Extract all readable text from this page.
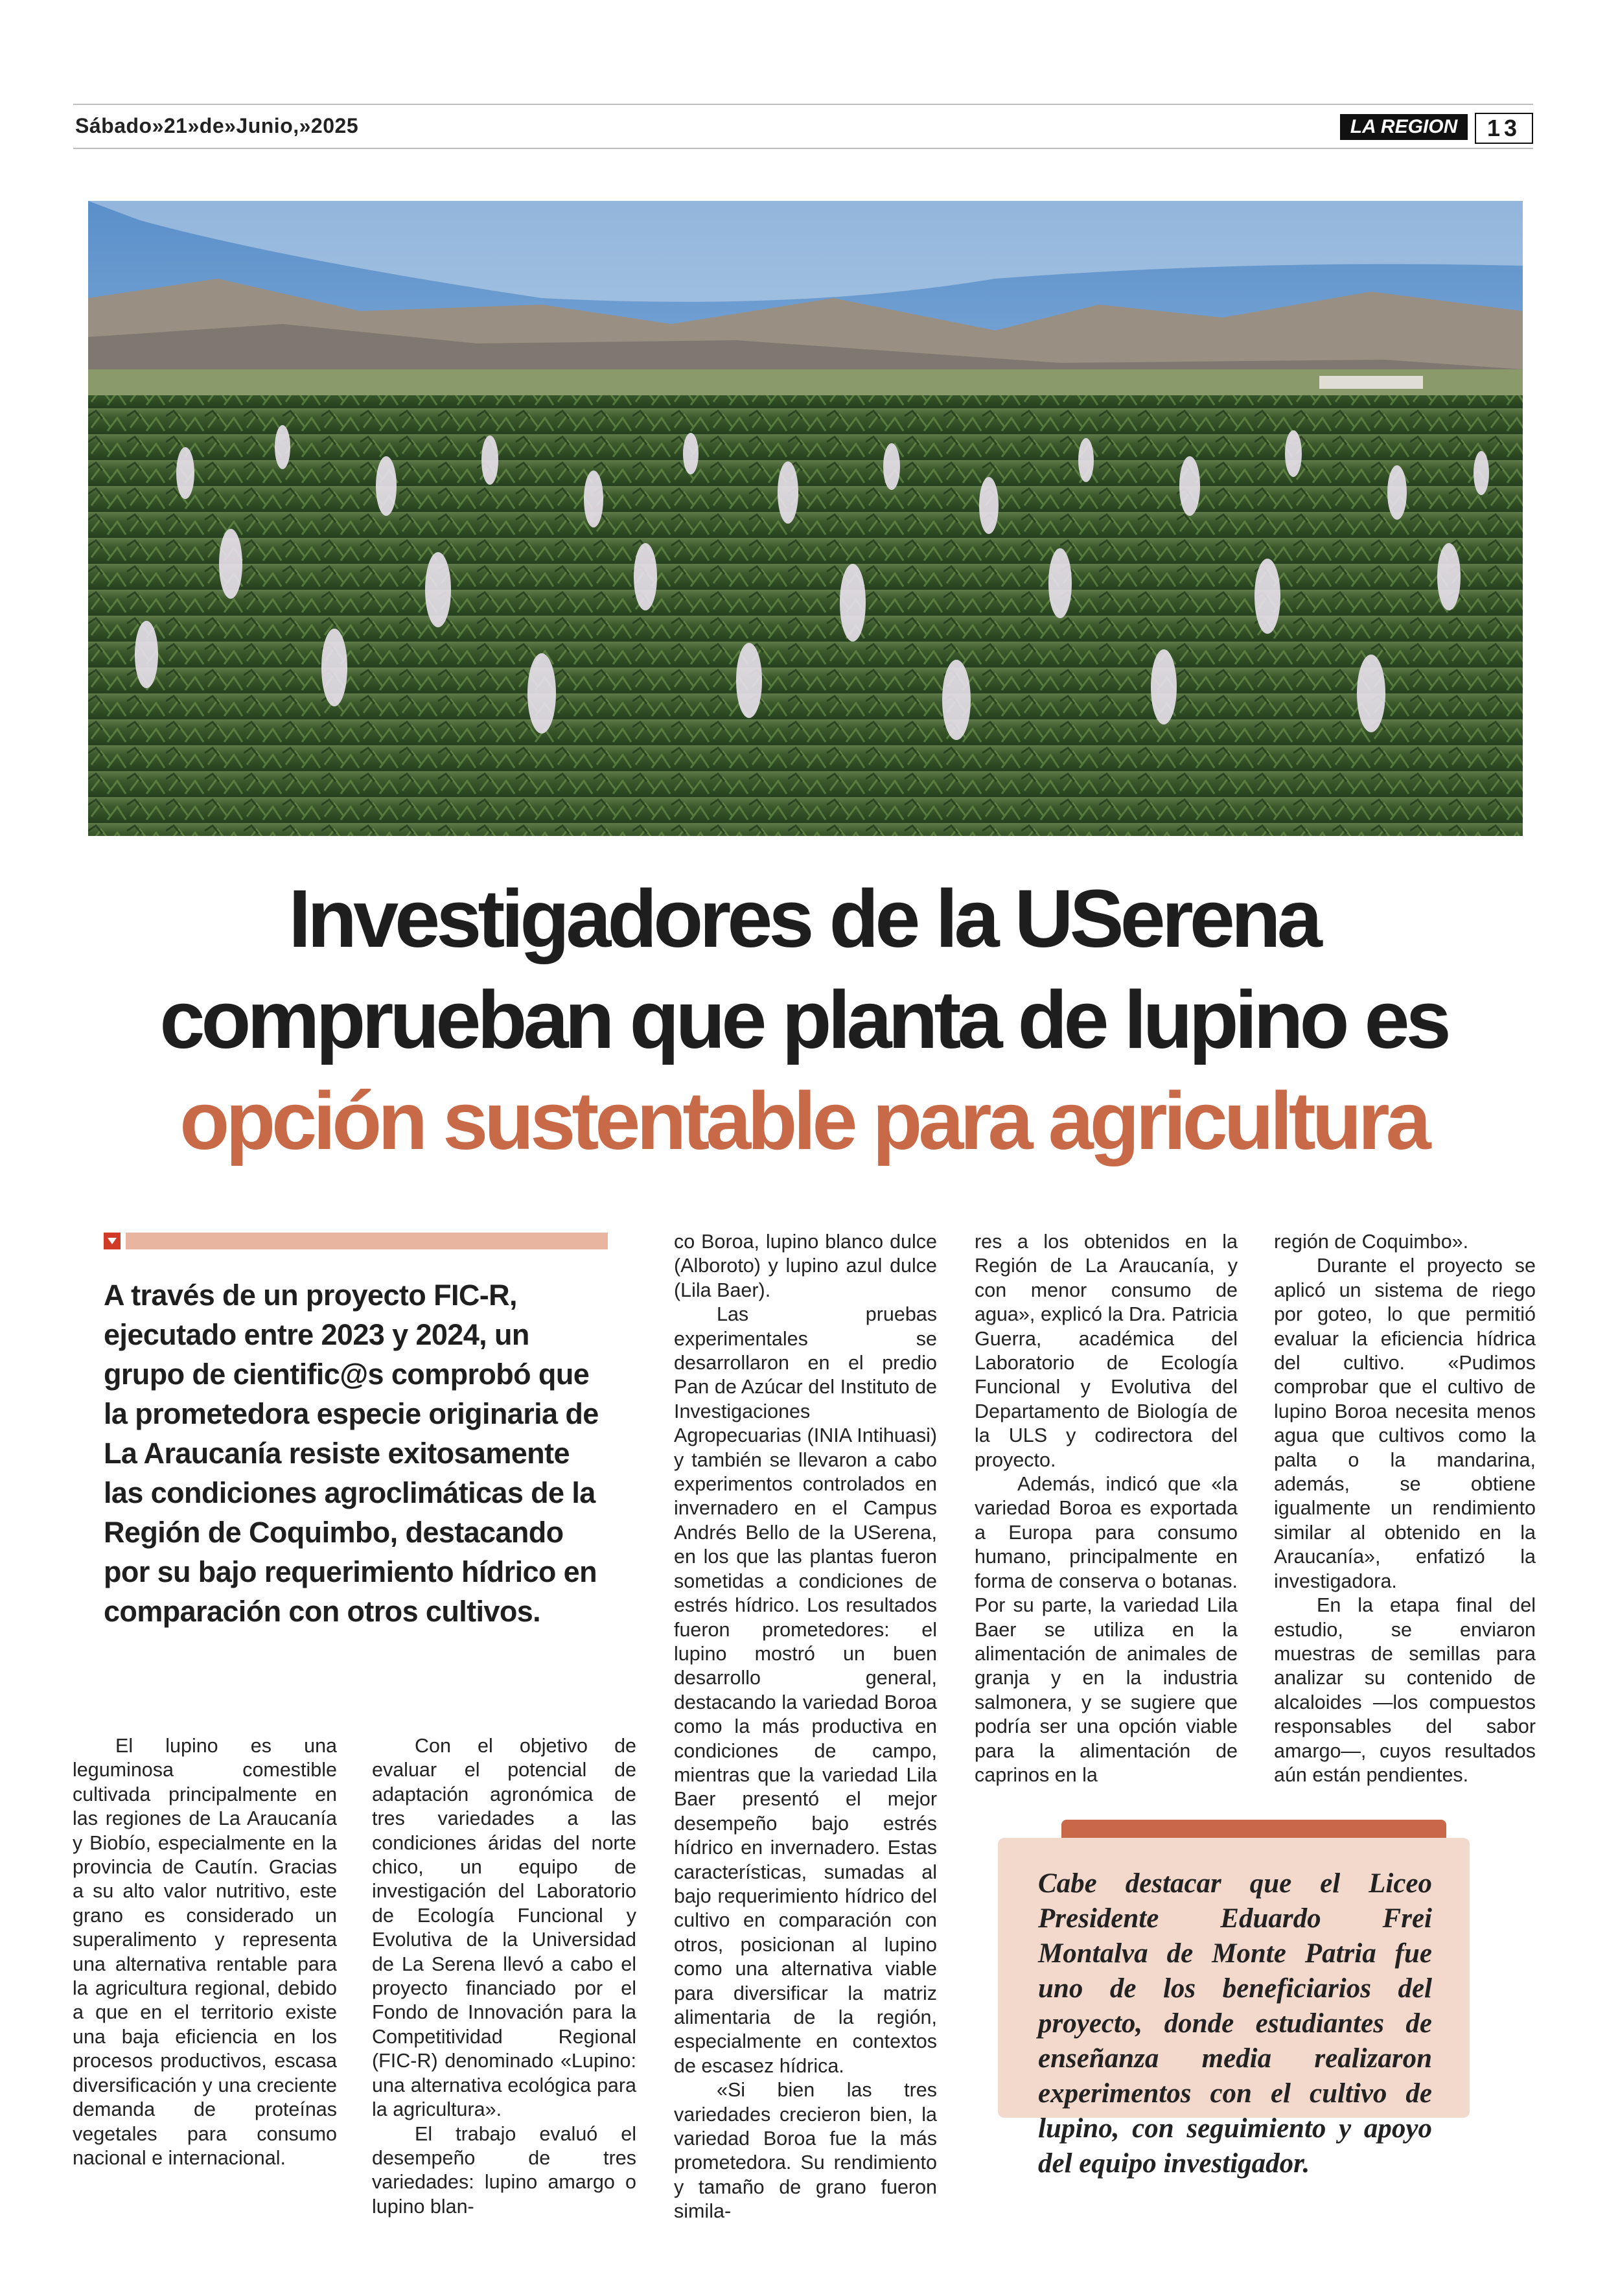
Sábado»21»de»Junio,»2025	LA REGION	13
Investigadores de la USerena
comprueban que planta de lupino es
opción sustentable para agricultura
A través de un proyecto FIC-R, ejecutado entre 2023 y 2024, un grupo de cientific@s comprobó que la prometedora especie originaria de La Araucanía resiste exitosamente las condiciones agroclimáticas de la Región de Coquimbo, destacando por su bajo requerimiento hídrico en comparación con otros cultivos.

El lupino es una leguminosa comestible cultivada principalmente en las regiones de La Araucanía y Biobío, especialmente en la provincia de Cautín. Gracias a su alto valor nutritivo, este grano es considerado un superalimento y representa una alternativa rentable para la agricultura regional, debido a que en el territorio existe una baja eficiencia en los procesos productivos, escasa diversificación y una creciente demanda de proteínas vegetales para consumo nacional e internacional.

Con el objetivo de evaluar el potencial de adaptación agronómica de tres variedades a las condiciones áridas del norte chico, un equipo de investigación del Laboratorio de Ecología Funcional y Evolutiva de la Universidad de La Serena llevó a cabo el proyecto financiado por el Fondo de Innovación para la Competitividad Regional (FIC-R) denominado «Lupino: una alternativa ecológica para la agricultura».

El trabajo evaluó el desempeño de tres variedades: lupino amargo o lupino blan-

co Boroa, lupino blanco dulce (Alboroto) y lupino azul dulce (Lila Baer).

Las pruebas experimentales se desarrollaron en el predio Pan de Azúcar del Instituto de Investigaciones Agropecuarias (INIA Intihuasi) y también se llevaron a cabo experimentos controlados en invernadero en el Campus Andrés Bello de la USerena, en los que las plantas fueron sometidas a condiciones de estrés hídrico. Los resultados fueron prometedores: el lupino mostró un buen desarrollo general, destacando la variedad Boroa como la más productiva en condiciones de campo, mientras que la variedad Lila Baer presentó el mejor desempeño bajo estrés hídrico en invernadero. Estas características, sumadas al bajo requerimiento hídrico del cultivo en comparación con otros, posicionan al lupino como una alternativa viable para diversificar la matriz alimentaria de la región, especialmente en contextos de escasez hídrica.

«Si bien las tres variedades crecieron bien, la variedad Boroa fue la más prometedora. Su rendimiento y tamaño de grano fueron simila-

res a los obtenidos en la Región de La Araucanía, y con menor consumo de agua», explicó la Dra. Patricia Guerra, académica del Laboratorio de Ecología Funcional y Evolutiva del Departamento de Biología de la ULS y codirectora del proyecto.

Además, indicó que «la variedad Boroa es exportada a Europa para consumo humano, principalmente en forma de conserva o botanas. Por su parte, la variedad Lila Baer se utiliza en la alimentación de animales de granja y en la industria salmonera, y se sugiere que podría ser una opción viable para la alimentación de caprinos en la

región de Coquimbo».

Durante el proyecto se aplicó un sistema de riego por goteo, lo que permitió evaluar la eficiencia hídrica del cultivo. «Pudimos comprobar que el cultivo de lupino Boroa necesita menos agua que cultivos como la palta o la mandarina, además, se obtiene igualmente un rendimiento similar al obtenido en la Araucanía», enfatizó la investigadora.

En la etapa final del estudio, se enviaron muestras de semillas para analizar su contenido de alcaloides —los compuestos responsables del sabor amargo—, cuyos resultados aún están pendientes.

Cabe destacar que el Liceo Presidente Eduardo Frei Montalva de Monte Patria fue uno de los beneficiarios del proyecto, donde estudiantes de enseñanza media realizaron experimentos con el cultivo de lupino, con seguimiento y apoyo del equipo investigador.
